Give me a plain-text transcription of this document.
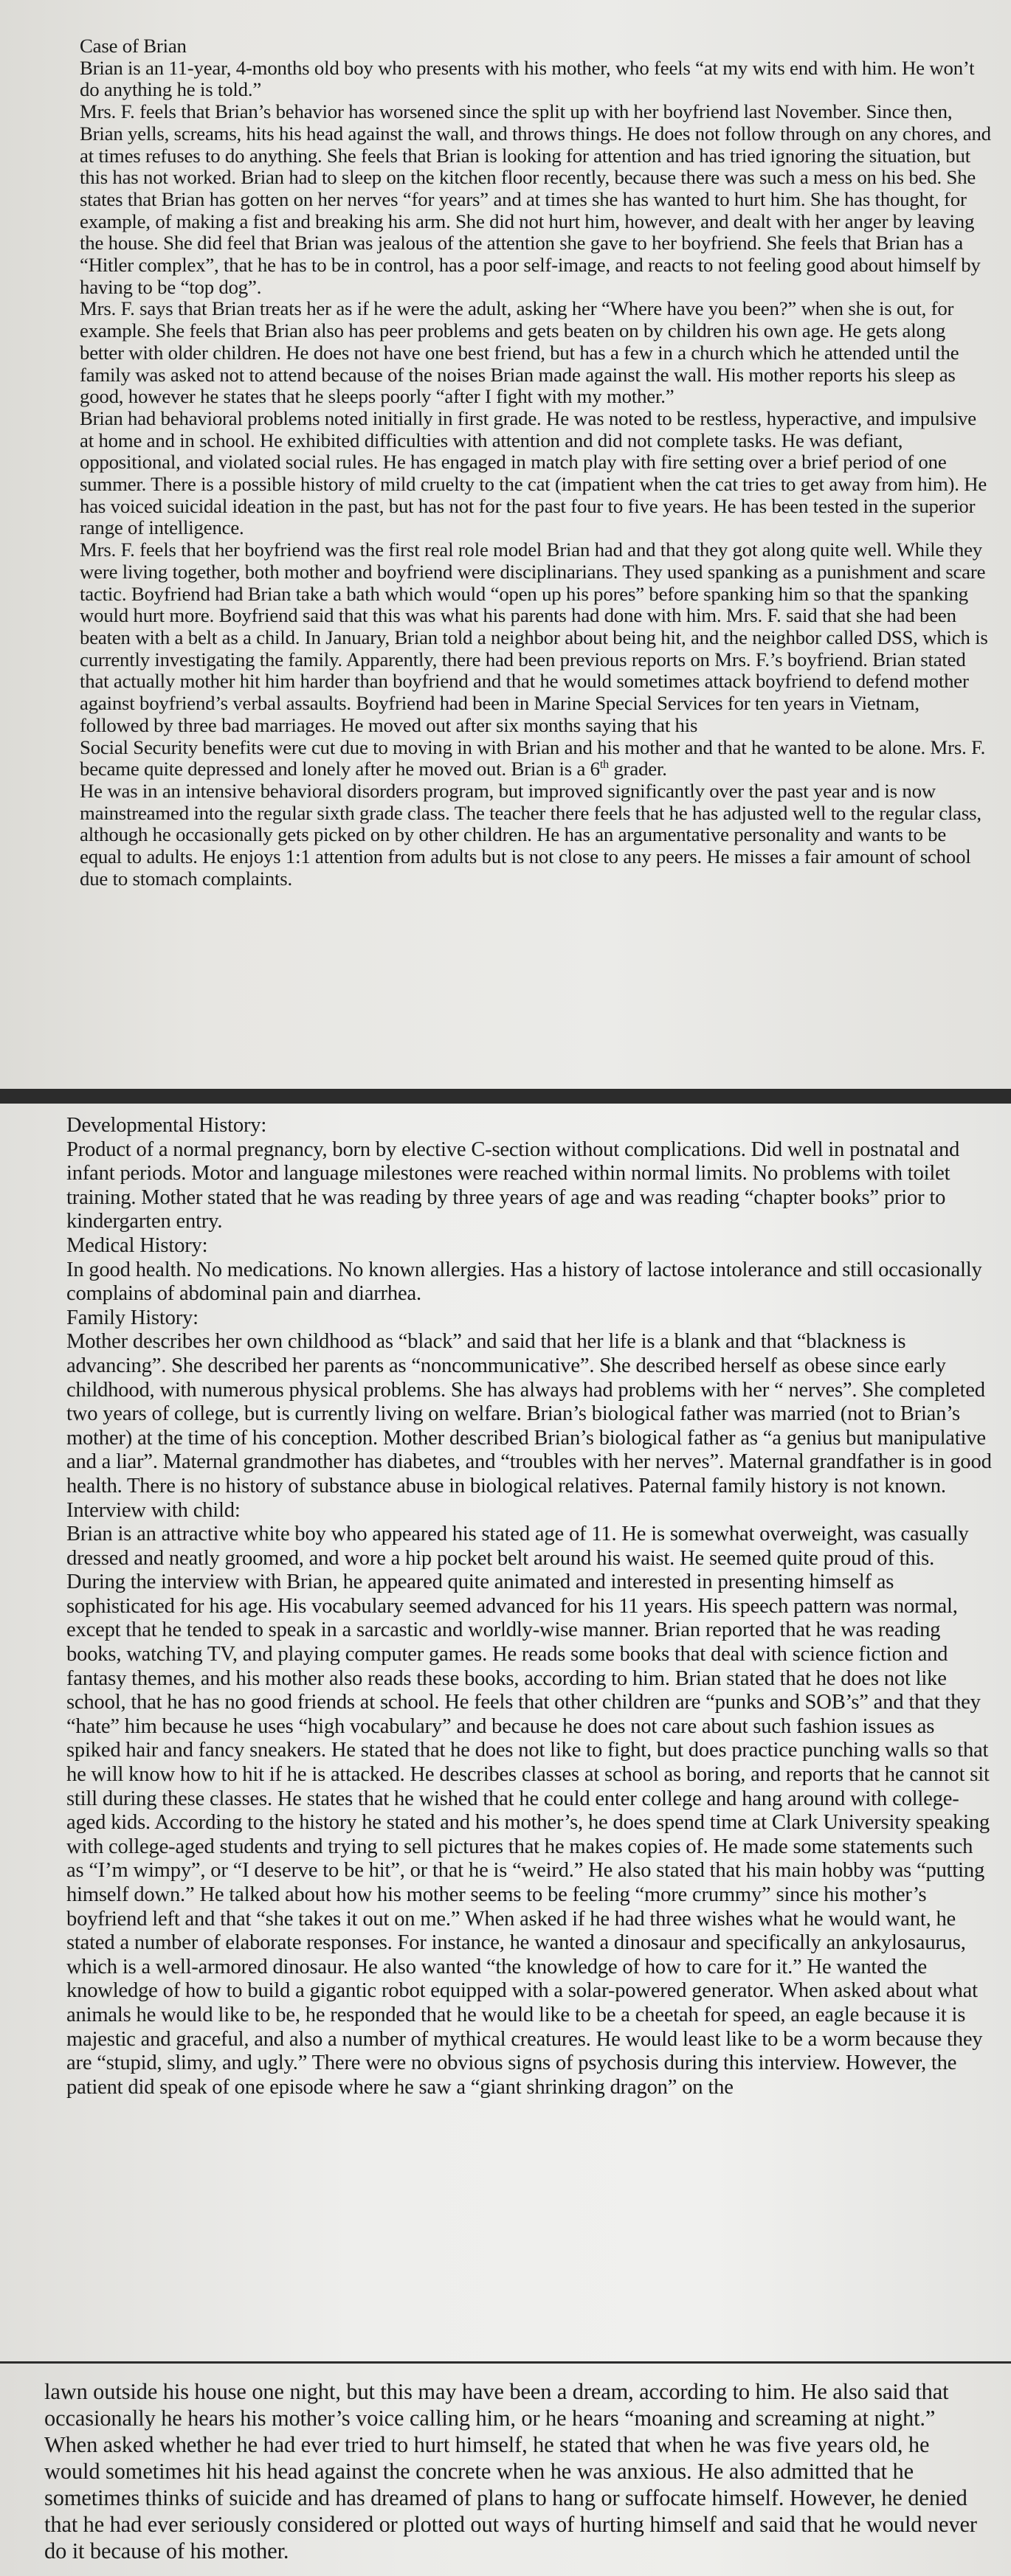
Case of Brian

Brian is an 11-year, 4-months old boy who presents with his mother, who feels “at my wits end with him. He won’t do anything he is told.”

Mrs. F. feels that Brian’s behavior has worsened since the split up with her boyfriend last November. Since then, Brian yells, screams, hits his head against the wall, and throws things. He does not follow through on any chores, and at times refuses to do anything. She feels that Brian is looking for attention and has tried ignoring the situation, but this has not worked. Brian had to sleep on the kitchen floor recently, because there was such a mess on his bed. She states that Brian has gotten on her nerves “for years” and at times she has wanted to hurt him. She has thought, for example, of making a fist and breaking his arm. She did not hurt him, however, and dealt with her anger by leaving the house. She did feel that Brian was jealous of the attention she gave to her boyfriend. She feels that Brian has a “Hitler complex”, that he has to be in control, has a poor self-image, and reacts to not feeling good about himself by having to be “top dog”.

Mrs. F. says that Brian treats her as if he were the adult, asking her “Where have you been?” when she is out, for example. She feels that Brian also has peer problems and gets beaten on by children his own age. He gets along better with older children. He does not have one best friend, but has a few in a church which he attended until the family was asked not to attend because of the noises Brian made against the wall. His mother reports his sleep as good, however he states that he sleeps poorly “after I fight with my mother.”

Brian had behavioral problems noted initially in first grade. He was noted to be restless, hyperactive, and impulsive at home and in school. He exhibited difficulties with attention and did not complete tasks. He was defiant, oppositional, and violated social rules. He has engaged in match play with fire setting over a brief period of one summer. There is a possible history of mild cruelty to the cat (impatient when the cat tries to get away from him). He has voiced suicidal ideation in the past, but has not for the past four to five years. He has been tested in the superior range of intelligence.

Mrs. F. feels that her boyfriend was the first real role model Brian had and that they got along quite well. While they were living together, both mother and boyfriend were disciplinarians. They used spanking as a punishment and scare tactic. Boyfriend had Brian take a bath which would “open up his pores” before spanking him so that the spanking would hurt more. Boyfriend said that this was what his parents had done with him. Mrs. F. said that she had been beaten with a belt as a child. In January, Brian told a neighbor about being hit, and the neighbor called DSS, which is currently investigating the family. Apparently, there had been previous reports on Mrs. F.’s boyfriend. Brian stated that actually mother hit him harder than boyfriend and that he would sometimes attack boyfriend to defend mother against boyfriend’s verbal assaults. Boyfriend had been in Marine Special Services for ten years in Vietnam, followed by three bad marriages. He moved out after six months saying that his

Social Security benefits were cut due to moving in with Brian and his mother and that he wanted to be alone. Mrs. F. became quite depressed and lonely after he moved out. Brian is a 6th grader.

He was in an intensive behavioral disorders program, but improved significantly over the past year and is now mainstreamed into the regular sixth grade class. The teacher there feels that he has adjusted well to the regular class, although he occasionally gets picked on by other children. He has an argumentative personality and wants to be equal to adults. He enjoys 1:1 attention from adults but is not close to any peers. He misses a fair amount of school due to stomach complaints.

Developmental History:

Product of a normal pregnancy, born by elective C-section without complications. Did well in postnatal and infant periods. Motor and language milestones were reached within normal limits. No problems with toilet training. Mother stated that he was reading by three years of age and was reading “chapter books” prior to kindergarten entry.

Medical History:

In good health. No medications. No known allergies. Has a history of lactose intolerance and still occasionally complains of abdominal pain and diarrhea.

Family History:

Mother describes her own childhood as “black” and said that her life is a blank and that “blackness is advancing”. She described her parents as “noncommunicative”. She described herself as obese since early childhood, with numerous physical problems. She has always had problems with her “ nerves”. She completed two years of college, but is currently living on welfare. Brian’s biological father was married (not to Brian’s mother) at the time of his conception. Mother described Brian’s biological father as “a genius but manipulative and a liar”. Maternal grandmother has diabetes, and “troubles with her nerves”. Maternal grandfather is in good health. There is no history of substance abuse in biological relatives. Paternal family history is not known.

Interview with child:

Brian is an attractive white boy who appeared his stated age of 11. He is somewhat overweight, was casually dressed and neatly groomed, and wore a hip pocket belt around his waist. He seemed quite proud of this. During the interview with Brian, he appeared quite animated and interested in presenting himself as sophisticated for his age. His vocabulary seemed advanced for his 11 years. His speech pattern was normal, except that he tended to speak in a sarcastic and worldly-wise manner. Brian reported that he was reading books, watching TV, and playing computer games. He reads some books that deal with science fiction and fantasy themes, and his mother also reads these books, according to him. Brian stated that he does not like school, that he has no good friends at school. He feels that other children are “punks and SOB’s” and that they “hate” him because he uses “high vocabulary” and because he does not care about such fashion issues as spiked hair and fancy sneakers. He stated that he does not like to fight, but does practice punching walls so that he will know how to hit if he is attacked. He describes classes at school as boring, and reports that he cannot sit still during these classes. He states that he wished that he could enter college and hang around with college-aged kids. According to the history he stated and his mother’s, he does spend time at Clark University speaking with college-aged students and trying to sell pictures that he makes copies of. He made some statements such as “I’m wimpy”, or “I deserve to be hit”, or that he is “weird.” He also stated that his main hobby was “putting himself down.” He talked about how his mother seems to be feeling “more crummy” since his mother’s boyfriend left and that “she takes it out on me.” When asked if he had three wishes what he would want, he stated a number of elaborate responses. For instance, he wanted a dinosaur and specifically an ankylosaurus, which is a well-armored dinosaur. He also wanted “the knowledge of how to care for it.” He wanted the knowledge of how to build a gigantic robot equipped with a solar-powered generator. When asked about what animals he would like to be, he responded that he would like to be a cheetah for speed, an eagle because it is majestic and graceful, and also a number of mythical creatures. He would least like to be a worm because they are “stupid, slimy, and ugly.” There were no obvious signs of psychosis during this interview. However, the patient did speak of one episode where he saw a “giant shrinking dragon” on the

lawn outside his house one night, but this may have been a dream, according to him. He also said that occasionally he hears his mother’s voice calling him, or he hears “moaning and screaming at night.” When asked whether he had ever tried to hurt himself, he stated that when he was five years old, he would sometimes hit his head against the concrete when he was anxious. He also admitted that he sometimes thinks of suicide and has dreamed of plans to hang or suffocate himself. However, he denied that he had ever seriously considered or plotted out ways of hurting himself and said that he would never do it because of his mother.
